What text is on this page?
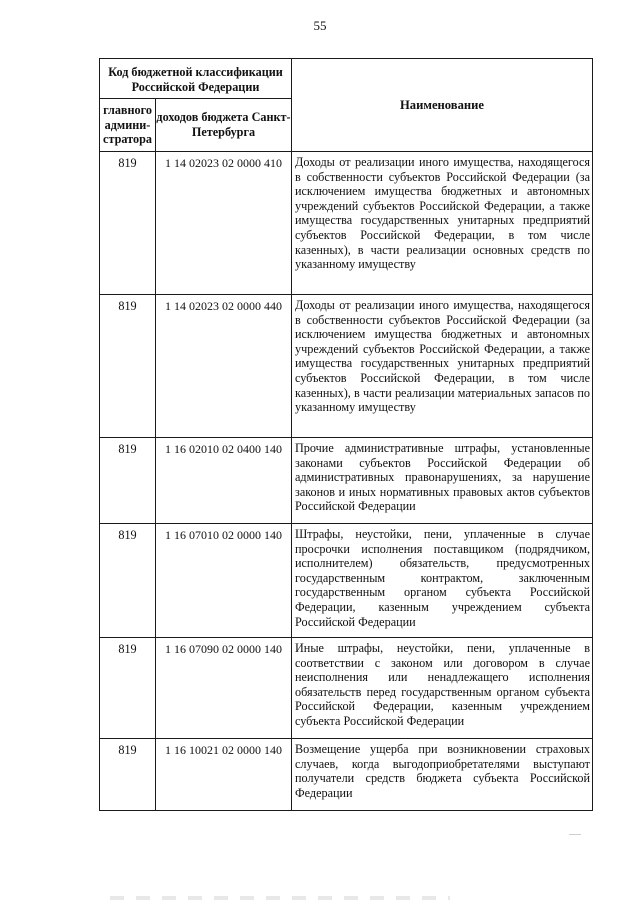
55
Код бюджетной классификации Российской Федерации		Наименование
главного админи-стратора	доходов бюджета Санкт-Петербурга	
819	1 14 02023 02 0000 410	Доходы от реализации иного имущества, находящегося в собственности субъектов Российской Федерации (за исключением имущества бюджетных и автономных учреждений субъектов Российской Федерации, а также имущества государственных унитарных предприятий субъектов Российской Федерации, в том числе казенных), в части реализации основных средств по указанному имуществу
819	1 14 02023 02 0000 440	Доходы от реализации иного имущества, находящегося в собственности субъектов Российской Федерации (за исключением имущества бюджетных и автономных учреждений субъектов Российской Федерации, а также имущества государственных унитарных предприятий субъектов Российской Федерации, в том числе казенных), в части реализации материальных запасов по указанному имуществу
819	1 16 02010 02 0400 140	Прочие административные штрафы, установленные законами субъектов Российской Федерации об административных правонарушениях, за нарушение законов и иных нормативных правовых актов субъектов Российской Федерации
819	1 16 07010 02 0000 140	Штрафы, неустойки, пени, уплаченные в случае просрочки исполнения поставщиком (подрядчиком, исполнителем) обязательств, предусмотренных государственным контрактом, заключенным государственным органом субъекта Российской Федерации, казенным учреждением субъекта Российской Федерации
819	1 16 07090 02 0000 140	Иные штрафы, неустойки, пени, уплаченные в соответствии с законом или договором в случае неисполнения или ненадлежащего исполнения обязательств перед государственным органом субъекта Российской Федерации, казенным учреждением субъекта Российской Федерации
819	1 16 10021 02 0000 140	Возмещение ущерба при возникновении страховых случаев, когда выгодоприобретателями выступают получатели средств бюджета субъекта Российской Федерации
